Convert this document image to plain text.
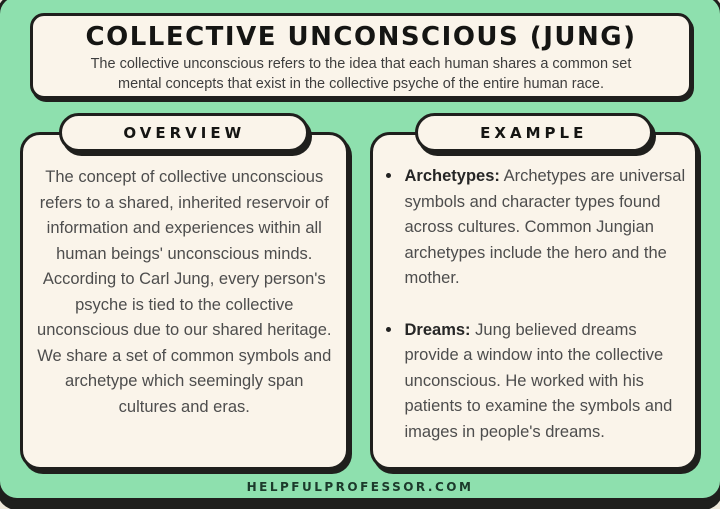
COLLECTIVE UNCONSCIOUS (JUNG)
The collective unconscious refers to the idea that each human shares a common set
mental concepts that exist in the collective psyche of the entire human race.
OVERVIEW
The concept of collective unconscious refers to a shared, inherited reservoir of information and experiences within all human beings' unconscious minds. According to Carl Jung, every person's psyche is tied to the collective unconscious due to our shared heritage. We share a set of common symbols and archetype which seemingly span cultures and eras.
EXAMPLE
• Archetypes: Archetypes are universal symbols and character types found across cultures. Common Jungian archetypes include the hero and the mother.
• Dreams: Jung believed dreams provide a window into the collective unconscious. He worked with his patients to examine the symbols and images in people's dreams.
HELPFULPROFESSOR.COM
